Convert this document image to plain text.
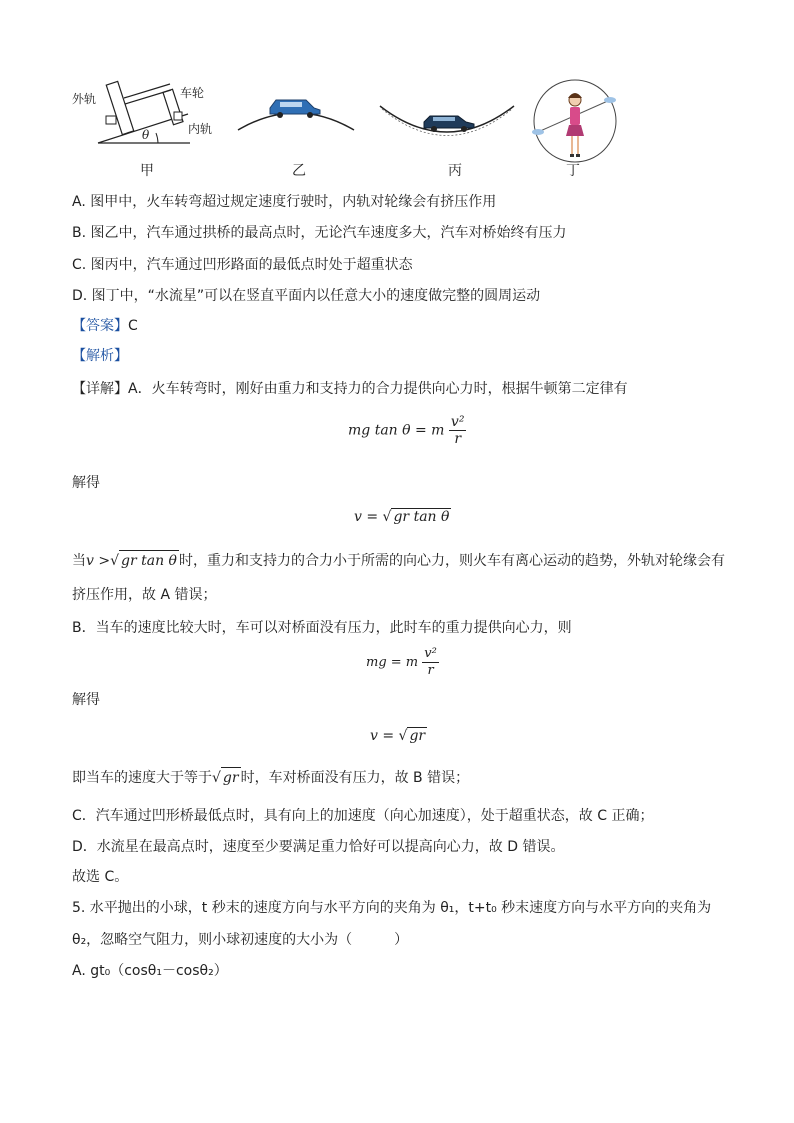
外轨	车轮
内轨
θ
甲	乙	丙	丁
A. 图甲中，火车转弯超过规定速度行驶时，内轨对轮缘会有挤压作用
B. 图乙中，汽车通过拱桥的最高点时，无论汽车速度多大，汽车对桥始终有压力
C. 图丙中，汽车通过凹形路面的最低点时处于超重状态
D. 图丁中，“水流星”可以在竖直平面内以任意大小的速度做完整的圆周运动
【答案】C
【解析】
【详解】A．火车转弯时，刚好由重力和支持力的合力提供向心力时，根据牛顿第二定律有
mg tan θ = m $\frac{\text{v²}}{r}$
解得
v = √ gr tan θ
当v >√ gr tan θ 时，重力和支持力的合力小于所需的向心力，则火车有离心运动的趋势，外轨对轮缘会有
挤压作用，故 A 错误；
B．当车的速度比较大时，车可以对桥面没有压力，此时车的重力提供向心力，则
mg = m $\frac{\text{v²}}{r}$
解得
v = √ gr
即当车的速度大于等于√ gr 时，车对桥面没有压力，故 B 错误；
C．汽车通过凹形桥最低点时，具有向上的加速度（向心加速度），处于超重状态，故 C 正确；
D．水流星在最高点时，速度至少要满足重力恰好可以提高向心力，故 D 错误。
故选 C。
5. 水平抛出的小球，t 秒末的速度方向与水平方向的夹角为 θ₁，t+t₀ 秒末速度方向与水平方向的夹角为
θ₂，忽略空气阻力，则小球初速度的大小为（　　　）
A. gt₀（cosθ₁－cosθ₂）
